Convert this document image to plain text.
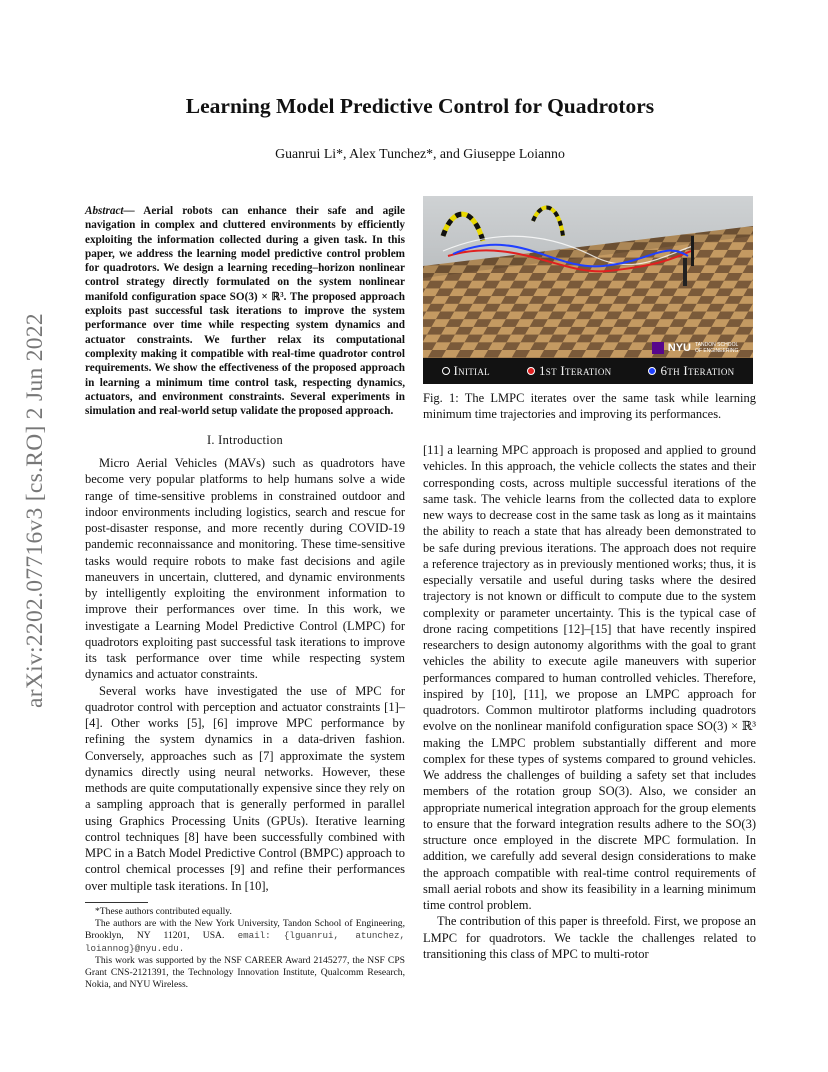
arXiv:2202.07716v3 [cs.RO] 2 Jun 2022
Learning Model Predictive Control for Quadrotors
Guanrui Li*, Alex Tunchez*, and Giuseppe Loianno
Abstract— Aerial robots can enhance their safe and agile navigation in complex and cluttered environments by efficiently exploiting the information collected during a given task. In this paper, we address the learning model predictive control problem for quadrotors. We design a learning receding–horizon nonlinear control strategy directly formulated on the system nonlinear manifold configuration space SO(3) × ℝ³. The proposed approach exploits past successful task iterations to improve the system performance over time while respecting system dynamics and actuator constraints. We further relax its computational complexity making it compatible with real-time quadrotor control requirements. We show the effectiveness of the proposed approach in learning a minimum time control task, respecting dynamics, actuators, and environment constraints. Several experiments in simulation and real-world setup validate the proposed approach.
I. Introduction

Micro Aerial Vehicles (MAVs) such as quadrotors have become very popular platforms to help humans solve a wide range of time-sensitive problems in constrained outdoor and indoor environments including logistics, search and rescue for post-disaster response, and more recently during COVID-19 pandemic reconnaissance and monitoring. These time-sensitive tasks would require robots to make fast decisions and agile maneuvers in uncertain, cluttered, and dynamic environments by intelligently exploiting the environment information to improve their performances over time. In this work, we investigate a Learning Model Predictive Control (LMPC) for quadrotors exploiting past successful task iterations to improve its task performance over time while respecting system dynamics and actuator constraints.

Several works have investigated the use of MPC for quadrotor control with perception and actuator constraints [1]–[4]. Other works [5], [6] improve MPC performance by refining the system dynamics in a data-driven fashion. Conversely, approaches such as [7] approximate the system dynamics directly using neural networks. However, these methods are quite computationally expensive since they rely on a sampling approach that is generally performed in parallel using Graphics Processing Units (GPUs). Iterative learning control techniques [8] have been successfully combined with MPC in a Batch Model Predictive Control (BMPC) approach to control chemical processes [9] and refine their performances over multiple task iterations. In [10],

*These authors contributed equally.

The authors are with the New York University, Tandon School of Engineering, Brooklyn, NY 11201, USA. email: {lguanrui, atunchez, loiannog}@nyu.edu.

This work was supported by the NSF CAREER Award 2145277, the NSF CPS Grant CNS-2121391, the Technology Innovation Institute, Qualcomm Research, Nokia, and NYU Wireless.

NYU TANDON SCHOOL OF ENGINEERING
Initial	1st Iteration	6th Iteration
Fig. 1: The LMPC iterates over the same task while learning minimum time trajectories and improving its performances.

[11] a learning MPC approach is proposed and applied to ground vehicles. In this approach, the vehicle collects the states and their corresponding costs, across multiple successful iterations of the same task. The vehicle learns from the collected data to explore new ways to decrease cost in the same task as long as it maintains the ability to reach a state that has already been demonstrated to be safe during previous iterations. The approach does not require a reference trajectory as in previously mentioned works; thus, it is especially versatile and useful during tasks where the desired trajectory is not known or difficult to compute due to the system complexity or parameter uncertainty. This is the typical case of drone racing competitions [12]–[15] that have recently inspired researchers to design autonomy algorithms with the goal to grant vehicles the ability to execute agile maneuvers with superior performances compared to human controlled vehicles. Therefore, inspired by [10], [11], we propose an LMPC approach for quadrotors. Common multirotor platforms including quadrotors evolve on the nonlinear manifold configuration space SO(3) × ℝ³ making the LMPC problem substantially different and more complex for these types of systems compared to ground vehicles. We address the challenges of building a safety set that includes members of the rotation group SO(3). Also, we consider an appropriate numerical integration approach for the group elements to ensure that the forward integration results adhere to the SO(3) structure once employed in the discrete MPC formulation. In addition, we carefully add several design considerations to make the approach compatible with real-time control requirements of small aerial robots and show its feasibility in a learning minimum time control problem.

The contribution of this paper is threefold. First, we propose an LMPC for quadrotors. We tackle the challenges related to transitioning this class of MPC to multi-rotor
